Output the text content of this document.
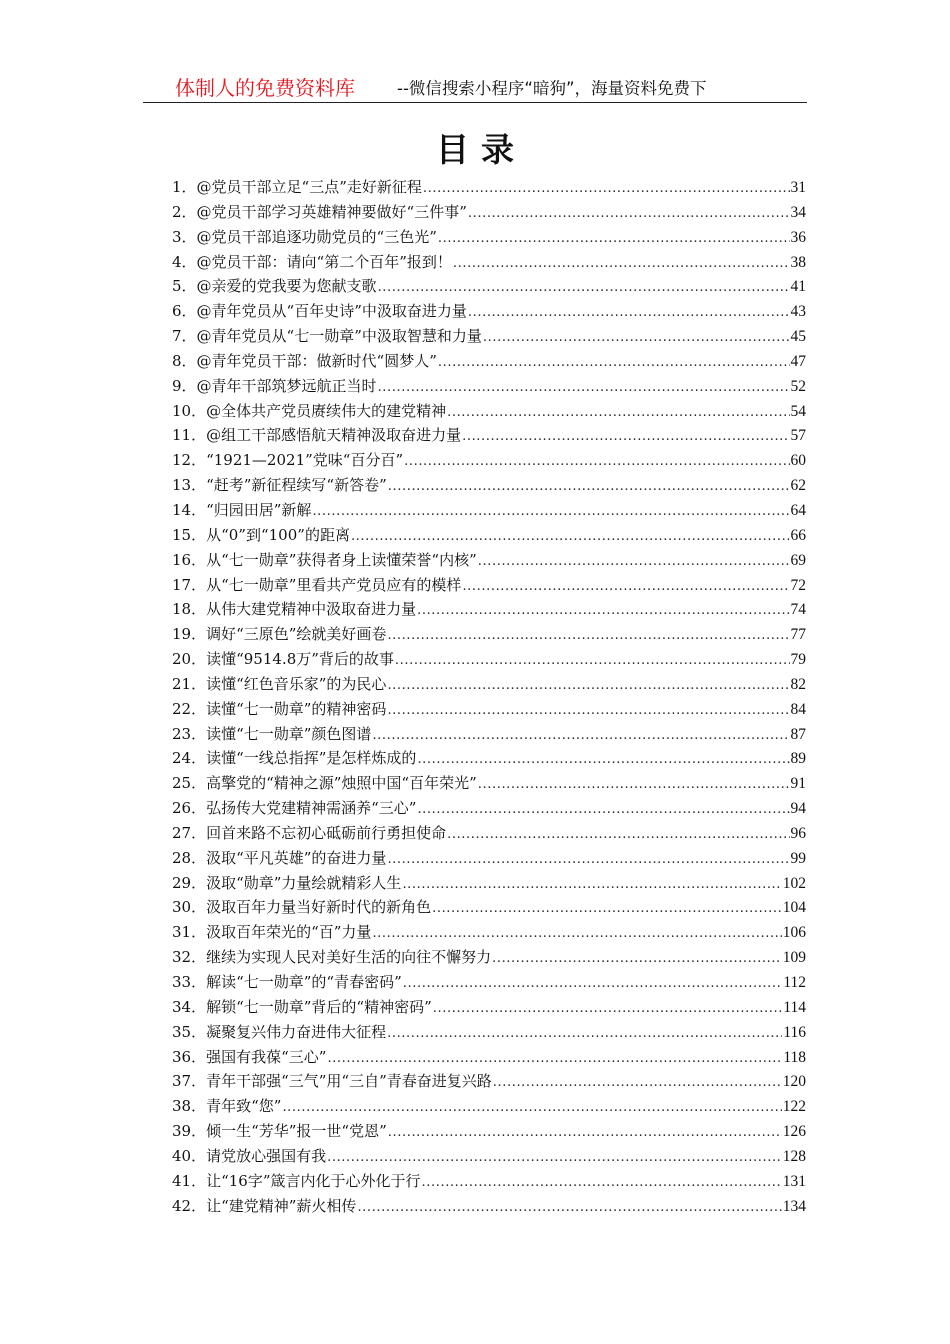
体制人的免费资料库	--微信搜索小程序“暗狗”，海量资料免费下
目录
1． @党员干部立足“三点”走好新征程 .....	31
2． @党员干部学习英雄精神要做好“三件事” .....	34
3． @党员干部追逐功勋党员的“三色光” .....	36
4． @党员干部：请向“第二个百年”报到！ .....	38
5． @亲爱的党我要为您献支歌 .....	41
6． @青年党员从“百年史诗”中汲取奋进力量 .....	43
7． @青年党员从“七一勋章”中汲取智慧和力量 .....	45
8． @青年党员干部：做新时代“圆梦人” .....	47
9． @青年干部筑梦远航正当时 .....	52
10． @全体共产党员赓续伟大的建党精神 .....	54
11． @组工干部感悟航天精神汲取奋进力量 .....	57
12． “1921—2021”党味“百分百” .....	60
13． “赶考”新征程续写“新答卷” .....	62
14． “归园田居”新解 .....	64
15． 从“0”到“100”的距离 .....	66
16． 从“七一勋章”获得者身上读懂荣誉“内核” .....	69
17． 从“七一勋章”里看共产党员应有的模样 .....	72
18． 从伟大建党精神中汲取奋进力量 .....	74
19． 调好“三原色”绘就美好画卷 .....	77
20． 读懂“9514.8万”背后的故事 .....	79
21． 读懂“红色音乐家”的为民心 .....	82
22． 读懂“七一勋章”的精神密码 .....	84
23． 读懂“七一勋章”颜色图谱 .....	87
24． 读懂“一线总指挥”是怎样炼成的 .....	89
25． 高擎党的“精神之源”烛照中国“百年荣光” .....	91
26． 弘扬传大党建精神需涵养“三心” .....	94
27． 回首来路不忘初心砥砺前行勇担使命 .....	96
28． 汲取“平凡英雄”的奋进力量 .....	99
29． 汲取“勋章”力量绘就精彩人生 .....	102
30． 汲取百年力量当好新时代的新角色 .....	104
31． 汲取百年荣光的“百”力量 .....	106
32． 继续为实现人民对美好生活的向往不懈努力 .....	109
33． 解读“七一勋章”的“青春密码” .....	112
34． 解锁“七一勋章”背后的“精神密码” .....	114
35． 凝聚复兴伟力奋进伟大征程 .....	116
36． 强国有我葆“三心” .....	118
37． 青年干部强“三气”用“三自”青春奋进复兴路 .....	120
38． 青年致“您” .....	122
39． 倾一生“芳华”报一世“党恩” .....	126
40． 请党放心强国有我 .....	128
41． 让“16字”箴言内化于心外化于行 .....	131
42． 让“建党精神”薪火相传 .....	134
